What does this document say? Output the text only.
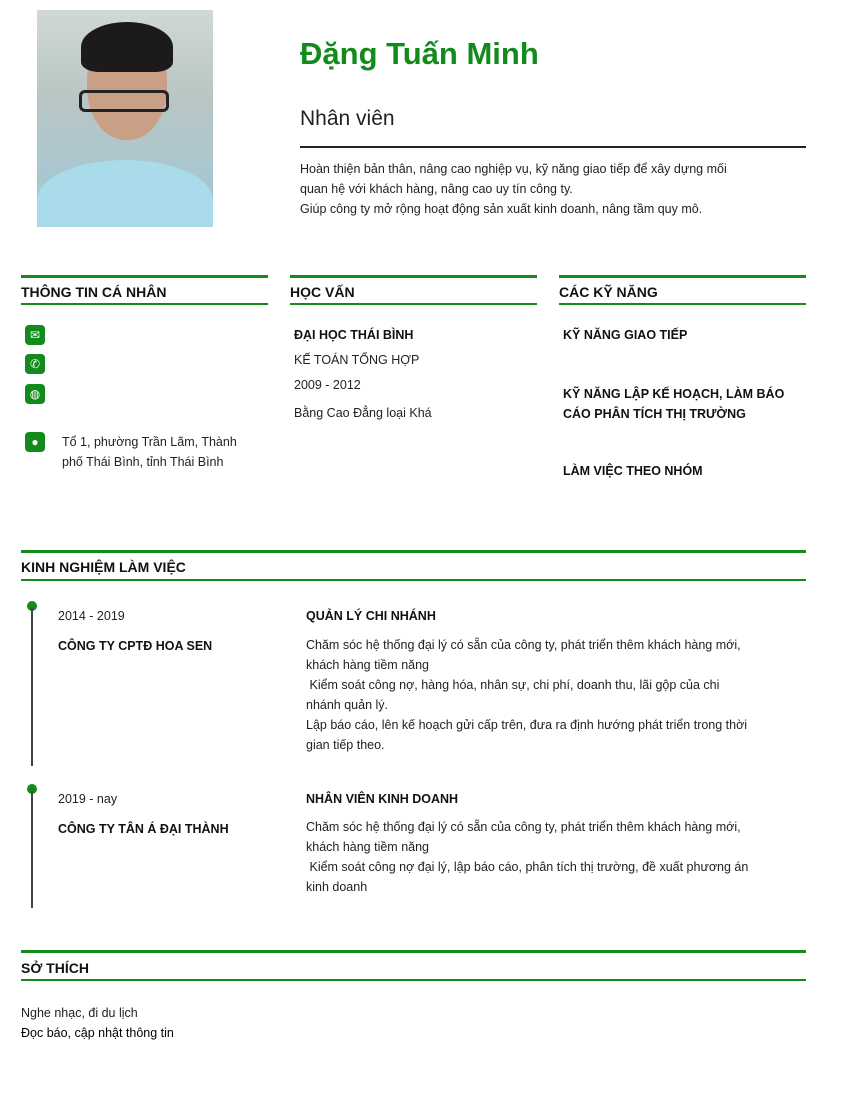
Đặng Tuấn Minh
Nhân viên
Hoàn thiện bản thân, nâng cao nghiệp vụ, kỹ năng giao tiếp để xây dựng mối
quan hệ với khách hàng, nâng cao uy tín công ty.
Giúp công ty mở rộng hoạt động sản xuất kinh doanh, nâng tầm quy mô.
THÔNG TIN CÁ NHÂN	HỌC VẤN	CÁC KỸ NĂNG
✉
✆
◍
●	Tổ 1, phường Trần Lãm, Thành
phố Thái Bình, tỉnh Thái Bình
ĐẠI HỌC THÁI BÌNH
KẾ TOÁN TỔNG HỢP
2009 - 2012
Bằng Cao Đẳng loại Khá
KỸ NĂNG GIAO TIẾP
KỸ NĂNG LẬP KẾ HOẠCH, LÀM BÁO
CÁO PHÂN TÍCH THỊ TRƯỜNG
LÀM VIỆC THEO NHÓM
KINH NGHIỆM LÀM VIỆC
2014 - 2019
CÔNG TY CPTĐ HOA SEN
QUẢN LÝ CHI NHÁNH
Chăm sóc hệ thống đại lý có sẵn của công ty, phát triển thêm khách hàng mới,
khách hàng tiềm năng
Kiểm soát công nợ, hàng hóa, nhân sự, chi phí, doanh thu, lãi gộp của chi
nhánh quản lý.
Lập báo cáo, lên kế hoạch gửi cấp trên, đưa ra định hướng phát triển trong thời
gian tiếp theo.
2019 - nay
CÔNG TY TÂN Á ĐẠI THÀNH
NHÂN VIÊN KINH DOANH
Chăm sóc hệ thống đại lý có sẵn của công ty, phát triển thêm khách hàng mới,
khách hàng tiềm năng
Kiểm soát công nợ đại lý, lập báo cáo, phân tích thị trường, đề xuất phương án
kinh doanh
SỞ THÍCH
Nghe nhạc, đi du lịch
Đọc báo, cập nhật thông tin
